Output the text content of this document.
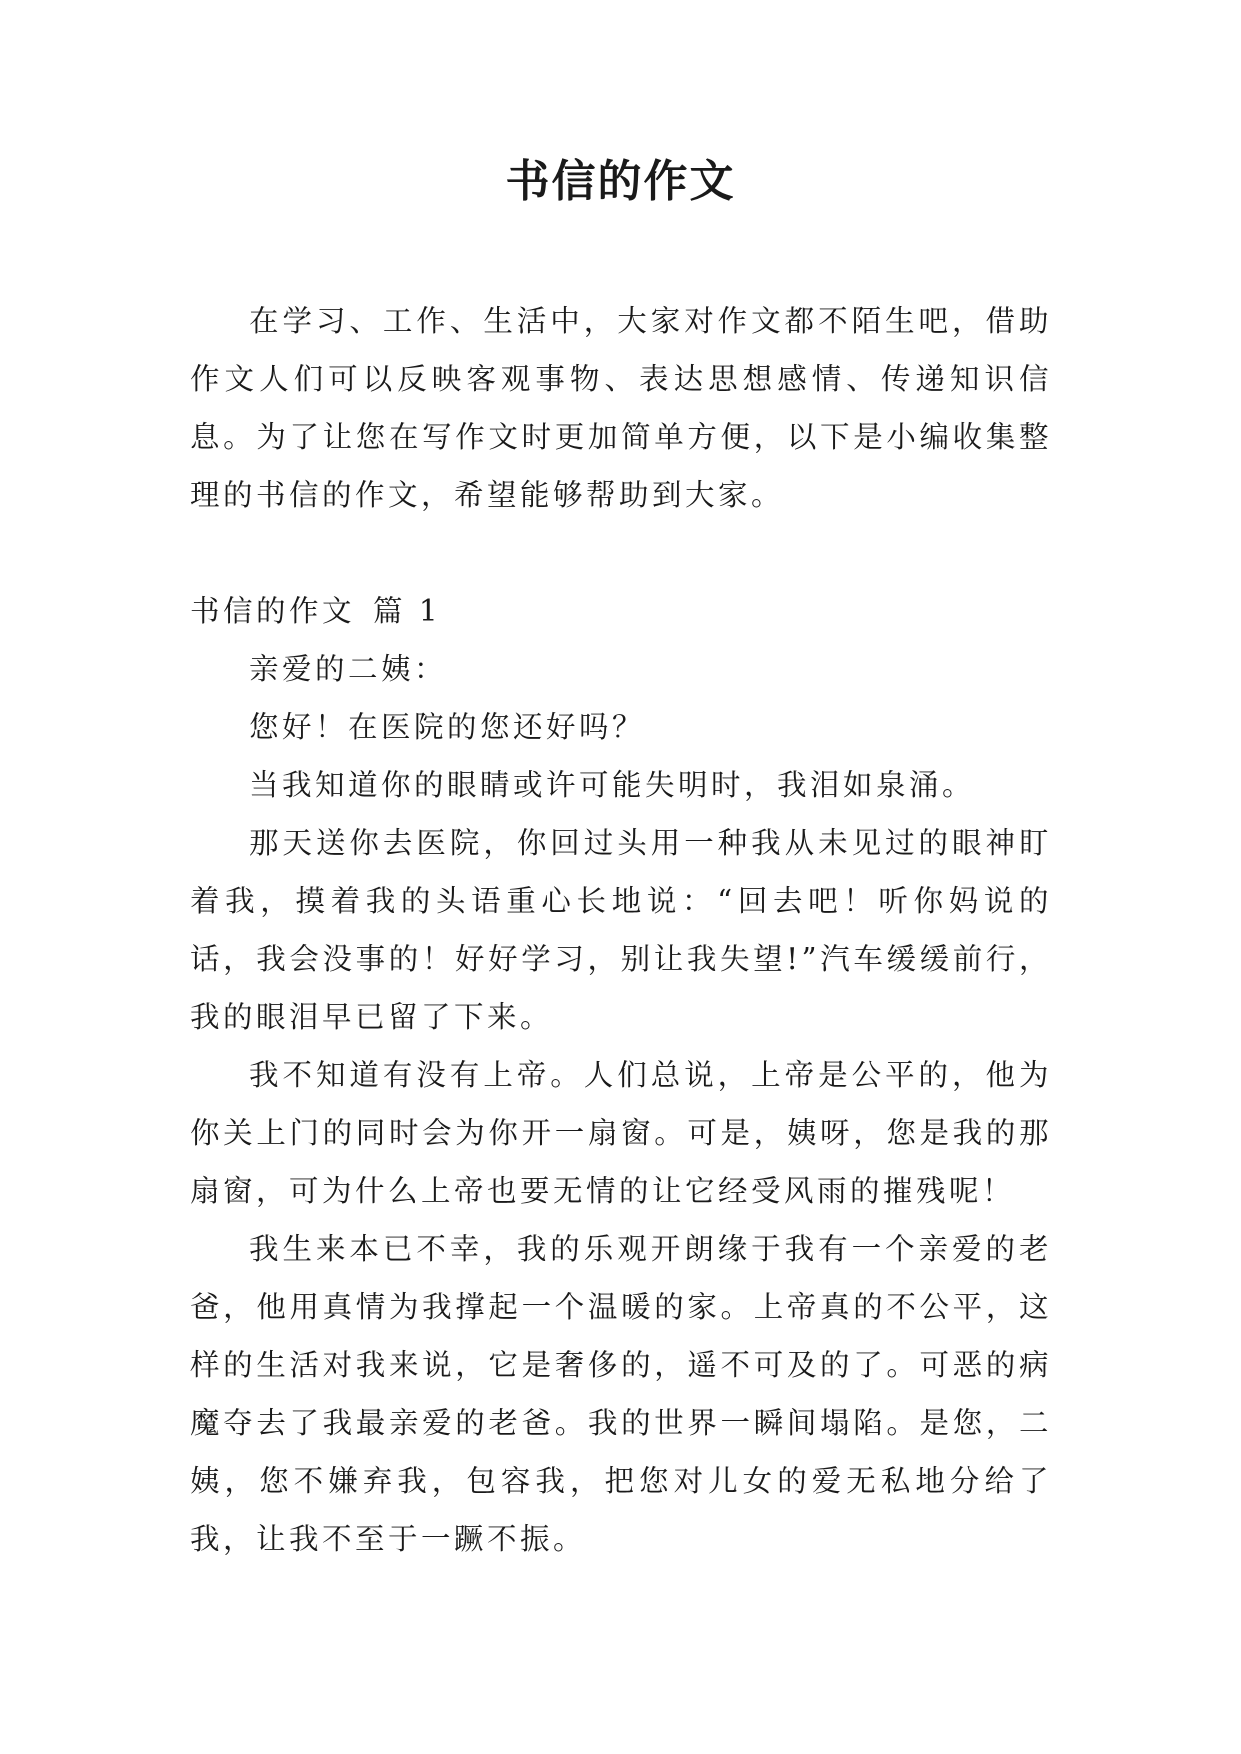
书信的作文

在学习、工作、生活中，大家对作文都不陌生吧，借助作文人们可以反映客观事物、表达思想感情、传递知识信息。为了让您在写作文时更加简单方便，以下是小编收集整理的书信的作文，希望能够帮助到大家。

书信的作文 篇 1

亲爱的二姨：

您好！在医院的您还好吗？

当我知道你的眼睛或许可能失明时，我泪如泉涌。

那天送你去医院，你回过头用一种我从未见过的眼神盯着我，摸着我的头语重心长地说：“回去吧！听你妈说的话，我会没事的！好好学习，别让我失望!”汽车缓缓前行，我的眼泪早已留了下来。

我不知道有没有上帝。人们总说，上帝是公平的，他为你关上门的同时会为你开一扇窗。可是，姨呀，您是我的那扇窗，可为什么上帝也要无情的让它经受风雨的摧残呢！

我生来本已不幸，我的乐观开朗缘于我有一个亲爱的老爸，他用真情为我撑起一个温暖的家。上帝真的不公平，这样的生活对我来说，它是奢侈的，遥不可及的了。可恶的病魔夺去了我最亲爱的老爸。我的世界一瞬间塌陷。是您，二姨，您不嫌弃我，包容我，把您对儿女的爱无私地分给了我，让我不至于一蹶不振。
